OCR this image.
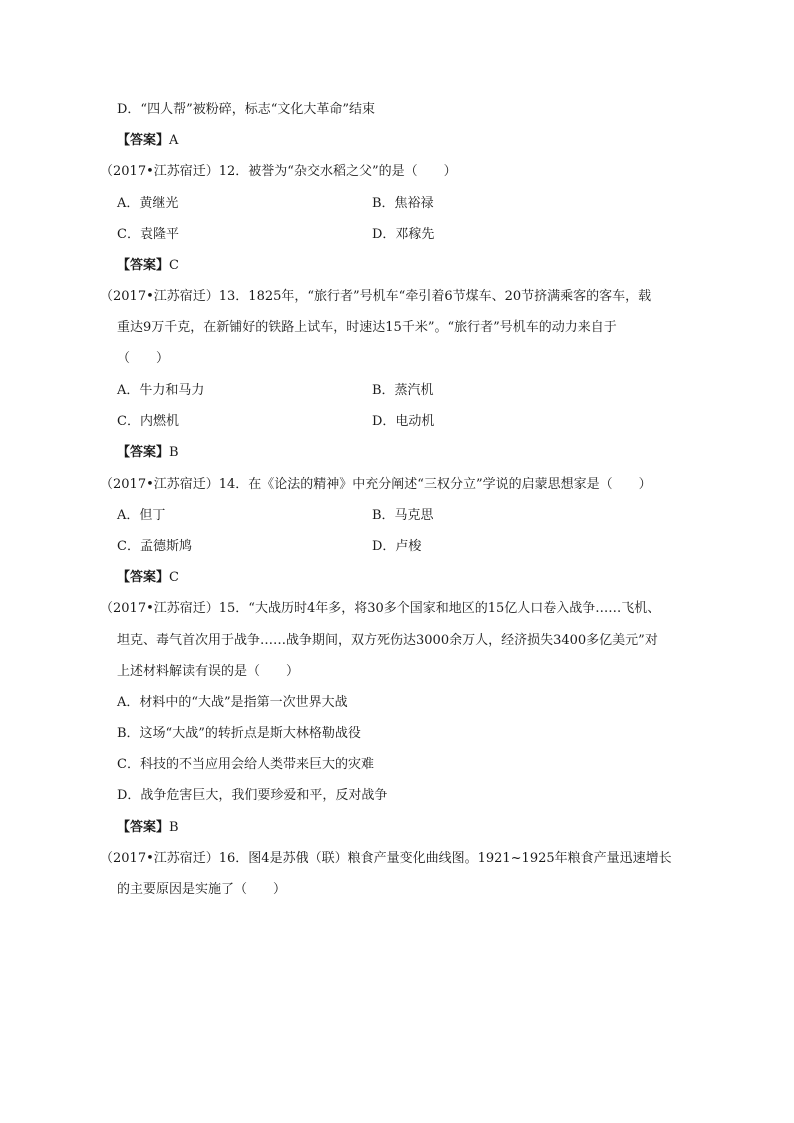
D．“四人帮”被粉碎，标志“文化大革命”结束
【答案】A
（2017•江苏宿迁）12．被誉为“杂交水稻之父”的是（　　）
A．黄继光	B．焦裕禄
C．袁隆平	D．邓稼先
【答案】C
（2017•江苏宿迁）13．1825年，“旅行者”号机车“牵引着6节煤车、20节挤满乘客的客车，载
重达9万千克，在新铺好的铁路上试车，时速达15千米”。“旅行者”号机车的动力来自于
（　　）
A．牛力和马力	B．蒸汽机
C．内燃机	D．电动机
【答案】B
（2017•江苏宿迁）14．在《论法的精神》中充分阐述“三权分立”学说的启蒙思想家是（　　）
A．但丁	B．马克思
C．孟德斯鸠	D．卢梭
【答案】C
（2017•江苏宿迁）15．“大战历时4年多，将30多个国家和地区的15亿人口卷入战争……飞机、
坦克、毒气首次用于战争……战争期间，双方死伤达3000余万人，经济损失3400多亿美元”对
上述材料解读有误的是（　　）
A．材料中的“大战”是指第一次世界大战
B．这场“大战”的转折点是斯大林格勒战役
C．科技的不当应用会给人类带来巨大的灾难
D．战争危害巨大，我们要珍爱和平，反对战争
【答案】B
（2017•江苏宿迁）16．图4是苏俄（联）粮食产量变化曲线图。1921~1925年粮食产量迅速增长
的主要原因是实施了（　　）
